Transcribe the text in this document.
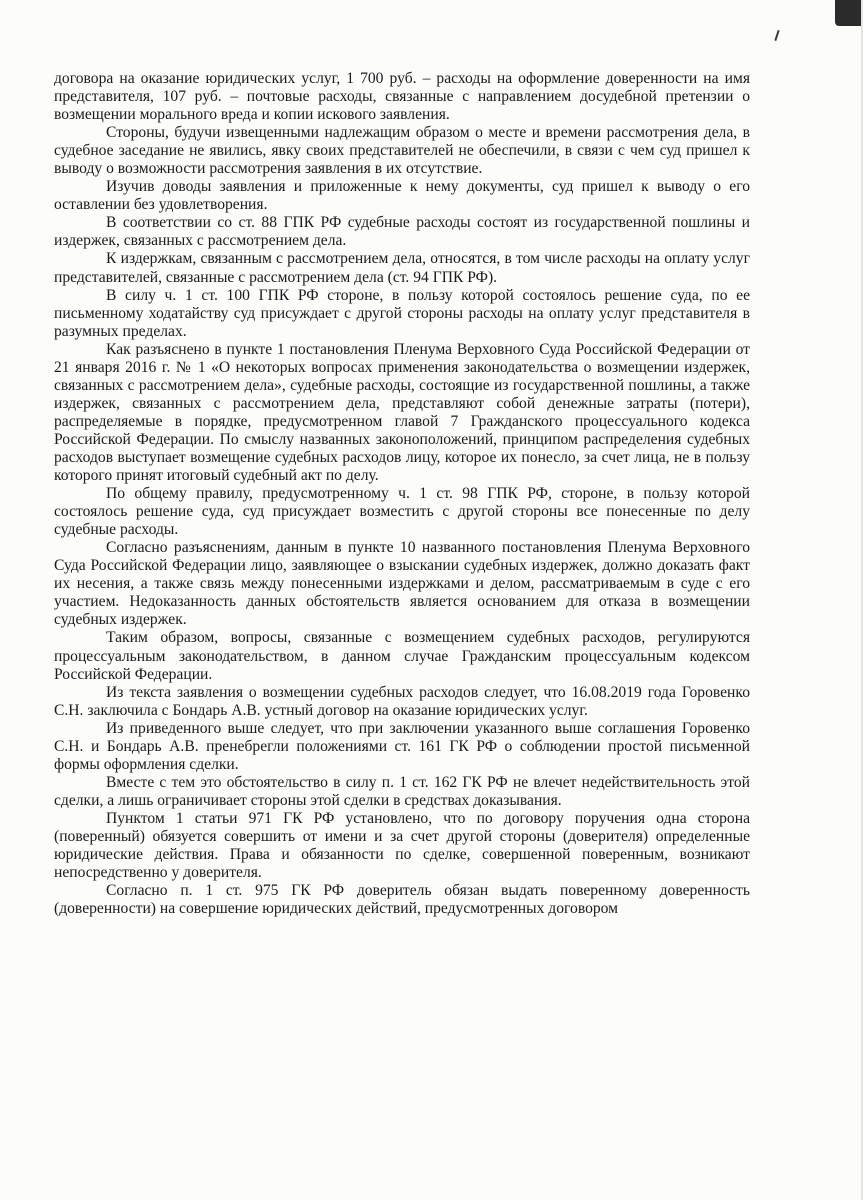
договора на оказание юридических услуг, 1 700 руб. – расходы на оформление доверенности на имя представителя, 107 руб. – почтовые расходы, связанные с направлением досудебной претензии о возмещении морального вреда и копии искового заявления.

Стороны, будучи извещенными надлежащим образом о месте и времени рассмотрения дела, в судебное заседание не явились, явку своих представителей не обеспечили, в связи с чем суд пришел к выводу о возможности рассмотрения заявления в их отсутствие.

Изучив доводы заявления и приложенные к нему документы, суд пришел к выводу о его оставлении без удовлетворения.

В соответствии со ст. 88 ГПК РФ судебные расходы состоят из государственной пошлины и издержек, связанных с рассмотрением дела.

К издержкам, связанным с рассмотрением дела, относятся, в том числе расходы на оплату услуг представителей, связанные с рассмотрением дела (ст. 94 ГПК РФ).

В силу ч. 1 ст. 100 ГПК РФ стороне, в пользу которой состоялось решение суда, по ее письменному ходатайству суд присуждает с другой стороны расходы на оплату услуг представителя в разумных пределах.

Как разъяснено в пункте 1 постановления Пленума Верховного Суда Российской Федерации от 21 января 2016 г. № 1 «О некоторых вопросах применения законодательства о возмещении издержек, связанных с рассмотрением дела», судебные расходы, состоящие из государственной пошлины, а также издержек, связанных с рассмотрением дела, представляют собой денежные затраты (потери), распределяемые в порядке, предусмотренном главой 7 Гражданского процессуального кодекса Российской Федерации. По смыслу названных законоположений, принципом распределения судебных расходов выступает возмещение судебных расходов лицу, которое их понесло, за счет лица, не в пользу которого принят итоговый судебный акт по делу.

По общему правилу, предусмотренному ч. 1 ст. 98 ГПК РФ, стороне, в пользу которой состоялось решение суда, суд присуждает возместить с другой стороны все понесенные по делу судебные расходы.

Согласно разъяснениям, данным в пункте 10 названного постановления Пленума Верховного Суда Российской Федерации лицо, заявляющее о взыскании судебных издержек, должно доказать факт их несения, а также связь между понесенными издержками и делом, рассматриваемым в суде с его участием. Недоказанность данных обстоятельств является основанием для отказа в возмещении судебных издержек.

Таким образом, вопросы, связанные с возмещением судебных расходов, регулируются процессуальным законодательством, в данном случае Гражданским процессуальным кодексом Российской Федерации.

Из текста заявления о возмещении судебных расходов следует, что 16.08.2019 года Горовенко С.Н. заключила с Бондарь А.В. устный договор на оказание юридических услуг.

Из приведенного выше следует, что при заключении указанного выше соглашения Горовенко С.Н. и Бондарь А.В. пренебрегли положениями ст. 161 ГК РФ о соблюдении простой письменной формы оформления сделки.

Вместе с тем это обстоятельство в силу п. 1 ст. 162 ГК РФ не влечет недействительность этой сделки, а лишь ограничивает стороны этой сделки в средствах доказывания.

Пунктом 1 статьи 971 ГК РФ установлено, что по договору поручения одна сторона (поверенный) обязуется совершить от имени и за счет другой стороны (доверителя) определенные юридические действия. Права и обязанности по сделке, совершенной поверенным, возникают непосредственно у доверителя.

Согласно п. 1 ст. 975 ГК РФ доверитель обязан выдать поверенному доверенность (доверенности) на совершение юридических действий, предусмотренных договором
